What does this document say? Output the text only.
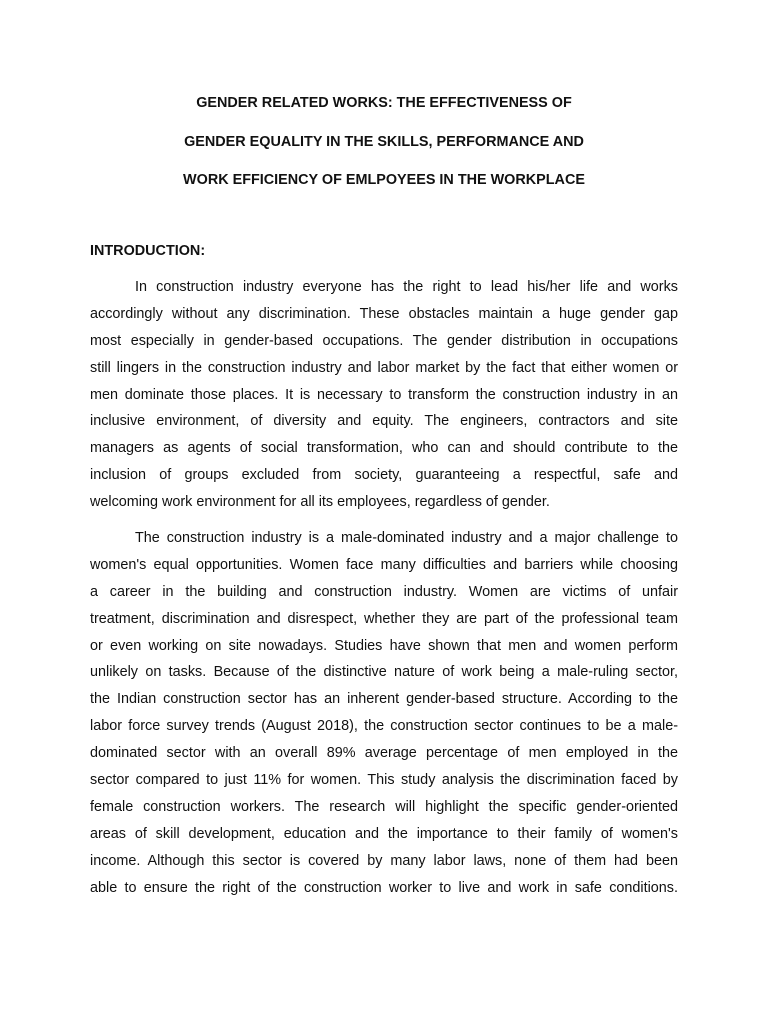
GENDER RELATED WORKS: THE EFFECTIVENESS OF
GENDER EQUALITY IN THE SKILLS, PERFORMANCE AND
WORK EFFICIENCY OF EMLPOYEES IN THE WORKPLACE
INTRODUCTION:
In construction industry everyone has the right to lead his/her life and works
accordingly without any discrimination. These obstacles maintain a huge gender gap
most especially in gender-based occupations. The gender distribution in occupations
still lingers in the construction industry and labor market by the fact that either women or
men dominate those places. It is necessary to transform the construction industry in an
inclusive environment, of diversity and equity. The engineers, contractors and site
managers as agents of social transformation, who can and should contribute to the
inclusion of groups excluded from society, guaranteeing a respectful, safe and
welcoming work environment for all its employees, regardless of gender.
The construction industry is a male-dominated industry and a major challenge to
women's equal opportunities. Women face many difficulties and barriers while choosing
a career in the building and construction industry. Women are victims of unfair
treatment, discrimination and disrespect, whether they are part of the professional team
or even working on site nowadays. Studies have shown that men and women perform
unlikely on tasks. Because of the distinctive nature of work being a male-ruling sector,
the Indian construction sector has an inherent gender-based structure. According to the
labor force survey trends (August 2018), the construction sector continues to be a male-
dominated sector with an overall 89% average percentage of men employed in the
sector compared to just 11% for women. This study analysis the discrimination faced by
female construction workers. The research will highlight the specific gender-oriented
areas of skill development, education and the importance to their family of women's
income. Although this sector is covered by many labor laws, none of them had been
able to ensure the right of the construction worker to live and work in safe conditions.
